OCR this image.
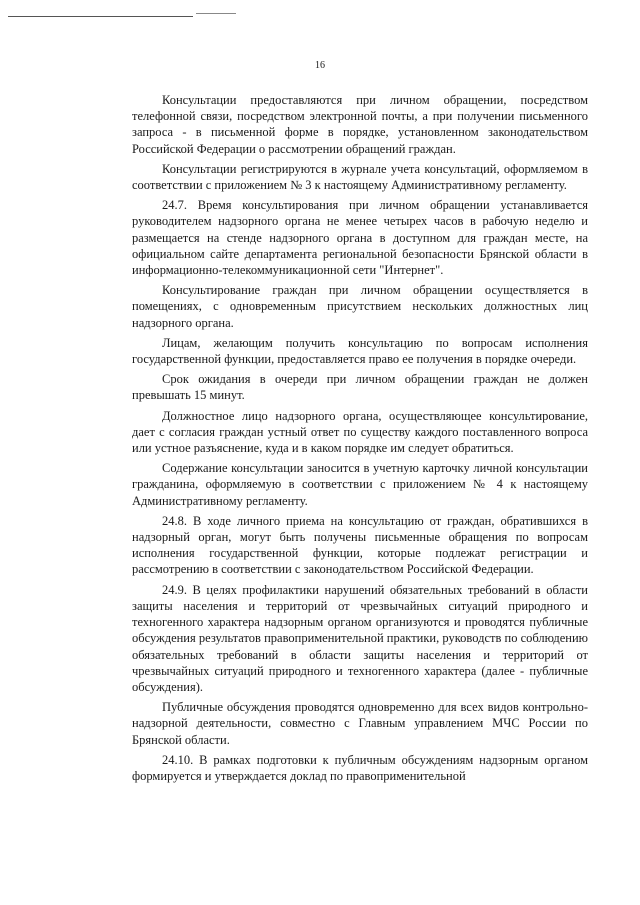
16

Консультации предоставляются при личном обращении, посредством телефонной связи, посредством электронной почты, а при получении письменного запроса - в письменной форме в порядке, установленном законодательством Российской Федерации о рассмотрении обращений граждан.

Консультации регистрируются в журнале учета консультаций, оформляемом в соответствии с приложением № 3 к настоящему Административному регламенту.

24.7. Время консультирования при личном обращении устанавливается руководителем надзорного органа не менее четырех часов в рабочую неделю и размещается на стенде надзорного органа в доступном для граждан месте, на официальном сайте департамента региональной безопасности Брянской области в информационно-телекоммуникационной сети "Интернет".

Консультирование граждан при личном обращении осуществляется в помещениях, с одновременным присутствием нескольких должностных лиц надзорного органа.

Лицам, желающим получить консультацию по вопросам исполнения государственной функции, предоставляется право ее получения в порядке очереди.

Срок ожидания в очереди при личном обращении граждан не должен превышать 15 минут.

Должностное лицо надзорного органа, осуществляющее консультирование, дает с согласия граждан устный ответ по существу каждого поставленного вопроса или устное разъяснение, куда и в каком порядке им следует обратиться.

Содержание консультации заносится в учетную карточку личной консультации гражданина, оформляемую в соответствии с приложением № 4 к настоящему Административному регламенту.

24.8. В ходе личного приема на консультацию от граждан, обратившихся в надзорный орган, могут быть получены письменные обращения по вопросам исполнения государственной функции, которые подлежат регистрации и рассмотрению в соответствии с законодательством Российской Федерации.

24.9. В целях профилактики нарушений обязательных требований в области защиты населения и территорий от чрезвычайных ситуаций природного и техногенного характера надзорным органом организуются и проводятся публичные обсуждения результатов правоприменительной практики, руководств по соблюдению обязательных требований в области защиты населения и территорий от чрезвычайных ситуаций природного и техногенного характера (далее - публичные обсуждения).

Публичные обсуждения проводятся одновременно для всех видов контрольно-надзорной деятельности, совместно с Главным управлением МЧС России по Брянской области.

24.10. В рамках подготовки к публичным обсуждениям надзорным органом формируется и утверждается доклад по правоприменительной
